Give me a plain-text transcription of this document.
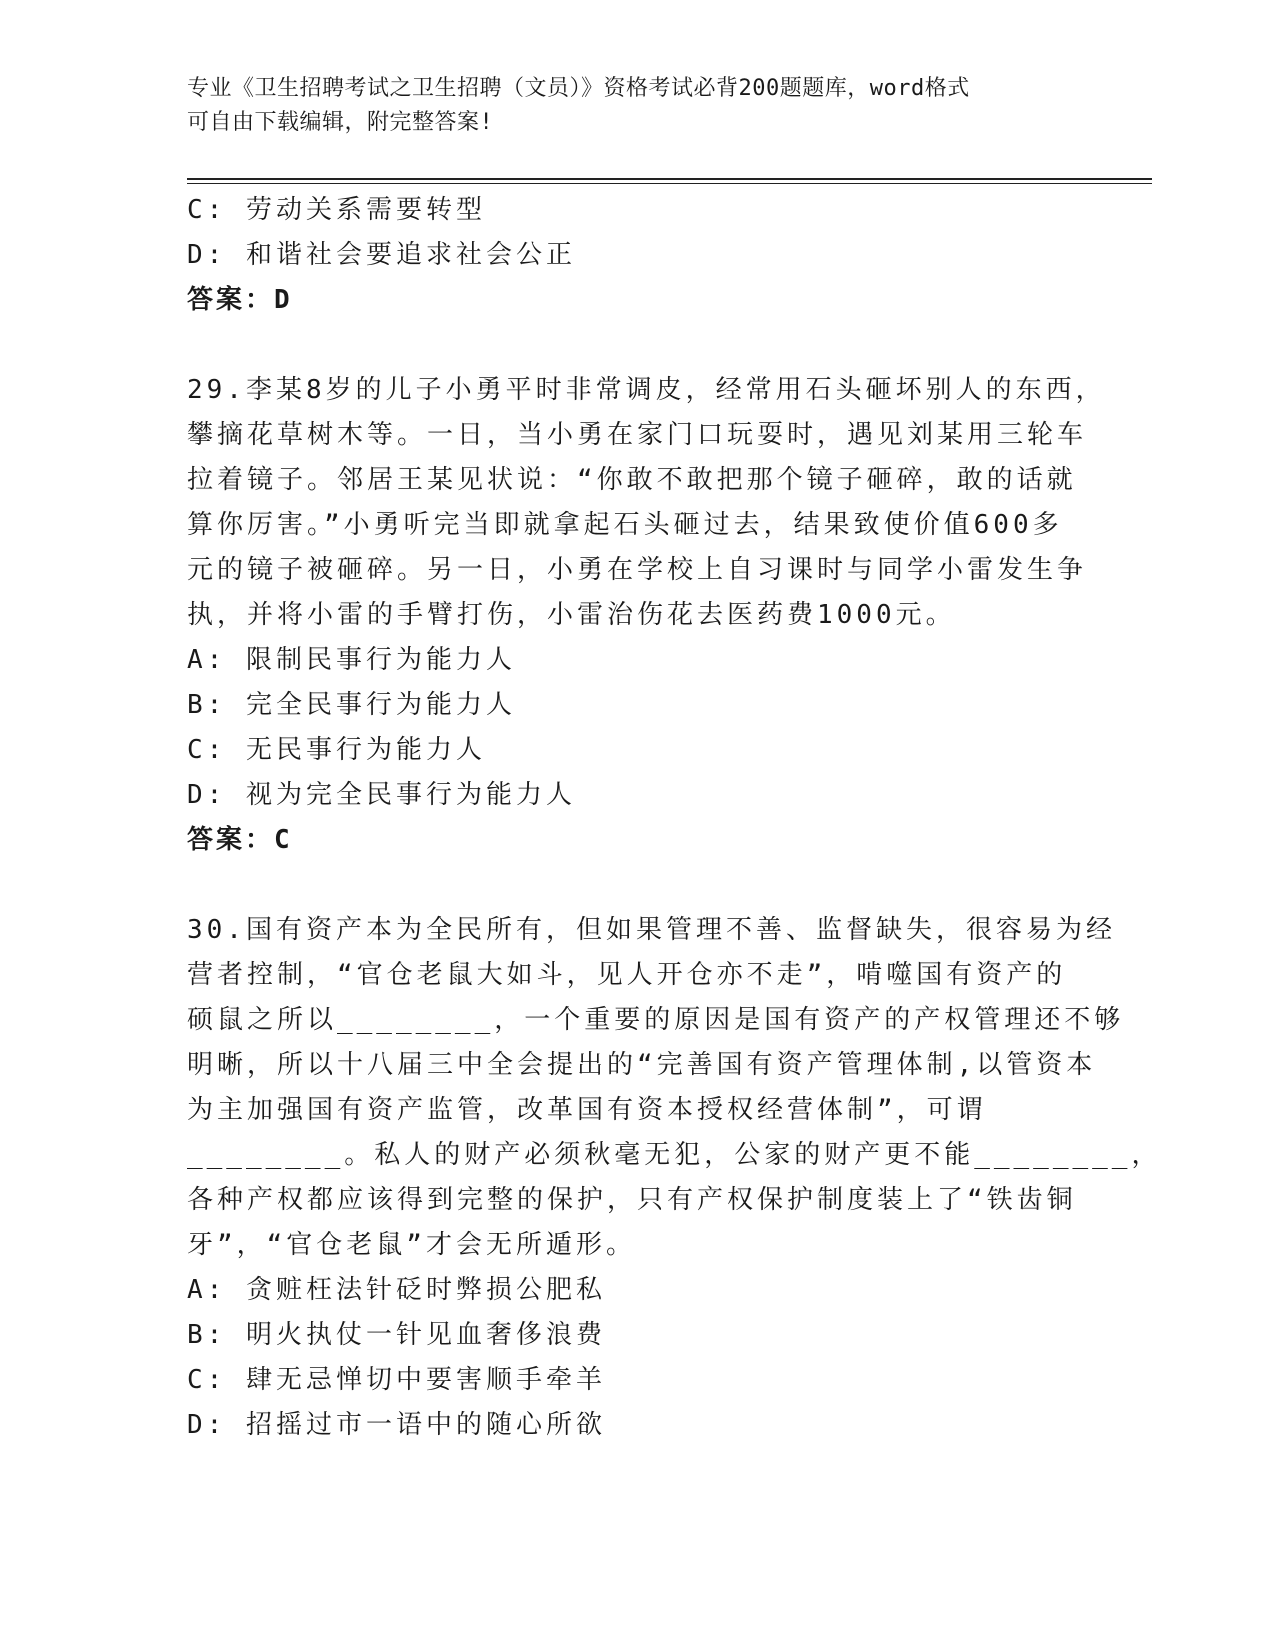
专业《卫生招聘考试之卫生招聘（文员）》资格考试必背200题题库，word格式
可自由下载编辑，附完整答案!
C: 劳动关系需要转型
D: 和谐社会要追求社会公正
答案：D
29.李某8岁的儿子小勇平时非常调皮，经常用石头砸坏别人的东西，
攀摘花草树木等。一日，当小勇在家门口玩耍时，遇见刘某用三轮车
拉着镜子。邻居王某见状说：“你敢不敢把那个镜子砸碎，敢的话就
算你厉害。”小勇听完当即就拿起石头砸过去，结果致使价值600多
元的镜子被砸碎。另一日，小勇在学校上自习课时与同学小雷发生争
执，并将小雷的手臂打伤，小雷治伤花去医药费1000元。
A: 限制民事行为能力人
B: 完全民事行为能力人
C: 无民事行为能力人
D: 视为完全民事行为能力人
答案：C
30.国有资产本为全民所有，但如果管理不善、监督缺失，很容易为经
营者控制，“官仓老鼠大如斗，见人开仓亦不走”，啃噬国有资产的
硕鼠之所以________，一个重要的原因是国有资产的产权管理还不够
明晰，所以十八届三中全会提出的“完善国有资产管理体制,以管资本
为主加强国有资产监管，改革国有资本授权经营体制”，可谓
________。私人的财产必须秋毫无犯，公家的财产更不能________，
各种产权都应该得到完整的保护，只有产权保护制度装上了“铁齿铜
牙”，“官仓老鼠”才会无所遁形。
A: 贪赃枉法针砭时弊损公肥私
B: 明火执仗一针见血奢侈浪费
C: 肆无忌惮切中要害顺手牵羊
D: 招摇过市一语中的随心所欲
